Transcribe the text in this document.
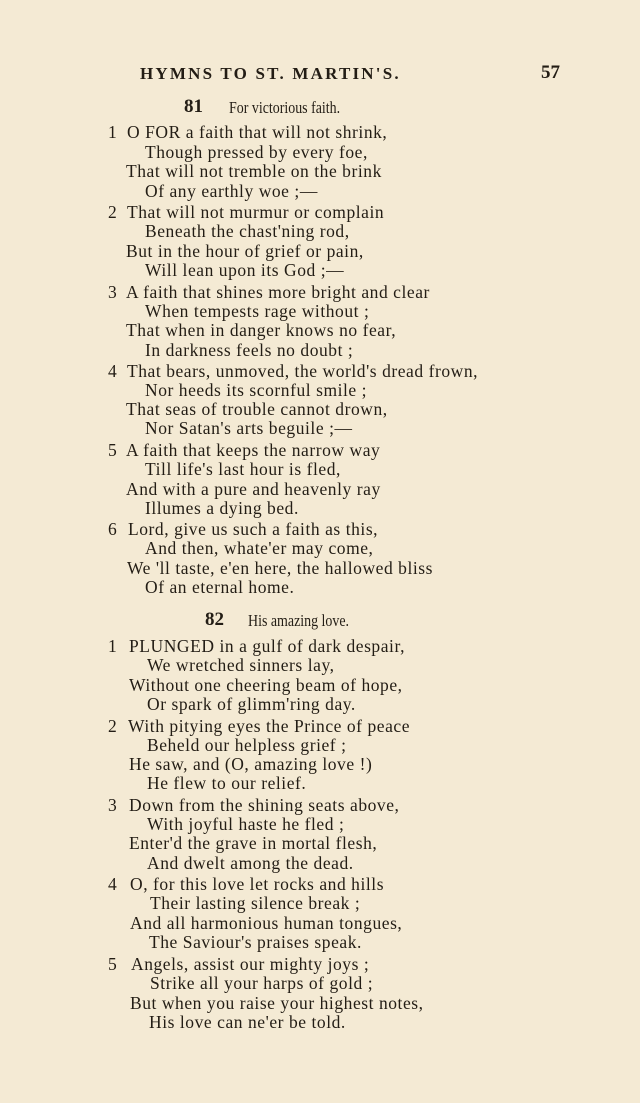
HYMNS TO ST. MARTIN'S.	57
81 For victorious faith.
1 O FOR a faith that will not shrink,
Though pressed by every foe,
That will not tremble on the brink
Of any earthly woe ;—
2 That will not murmur or complain
Beneath the chast'ning rod,
But in the hour of grief or pain,
Will lean upon its God ;—
3 A faith that shines more bright and clear
When tempests rage without ;
That when in danger knows no fear,
In darkness feels no doubt ;
4 That bears, unmoved, the world's dread frown,
Nor heeds its scornful smile ;
That seas of trouble cannot drown,
Nor Satan's arts beguile ;—
5 A faith that keeps the narrow way
Till life's last hour is fled,
And with a pure and heavenly ray
Illumes a dying bed.
6 Lord, give us such a faith as this,
And then, whate'er may come,
We 'll taste, e'en here, the hallowed bliss
Of an eternal home.
82 His amazing love.
1 PLUNGED in a gulf of dark despair,
We wretched sinners lay,
Without one cheering beam of hope,
Or spark of glimm'ring day.
2 With pitying eyes the Prince of peace
Beheld our helpless grief ;
He saw, and (O, amazing love !)
He flew to our relief.
3 Down from the shining seats above,
With joyful haste he fled ;
Enter'd the grave in mortal flesh,
And dwelt among the dead.
4 O, for this love let rocks and hills
Their lasting silence break ;
And all harmonious human tongues,
The Saviour's praises speak.
5 Angels, assist our mighty joys ;
Strike all your harps of gold ;
But when you raise your highest notes,
His love can ne'er be told.
